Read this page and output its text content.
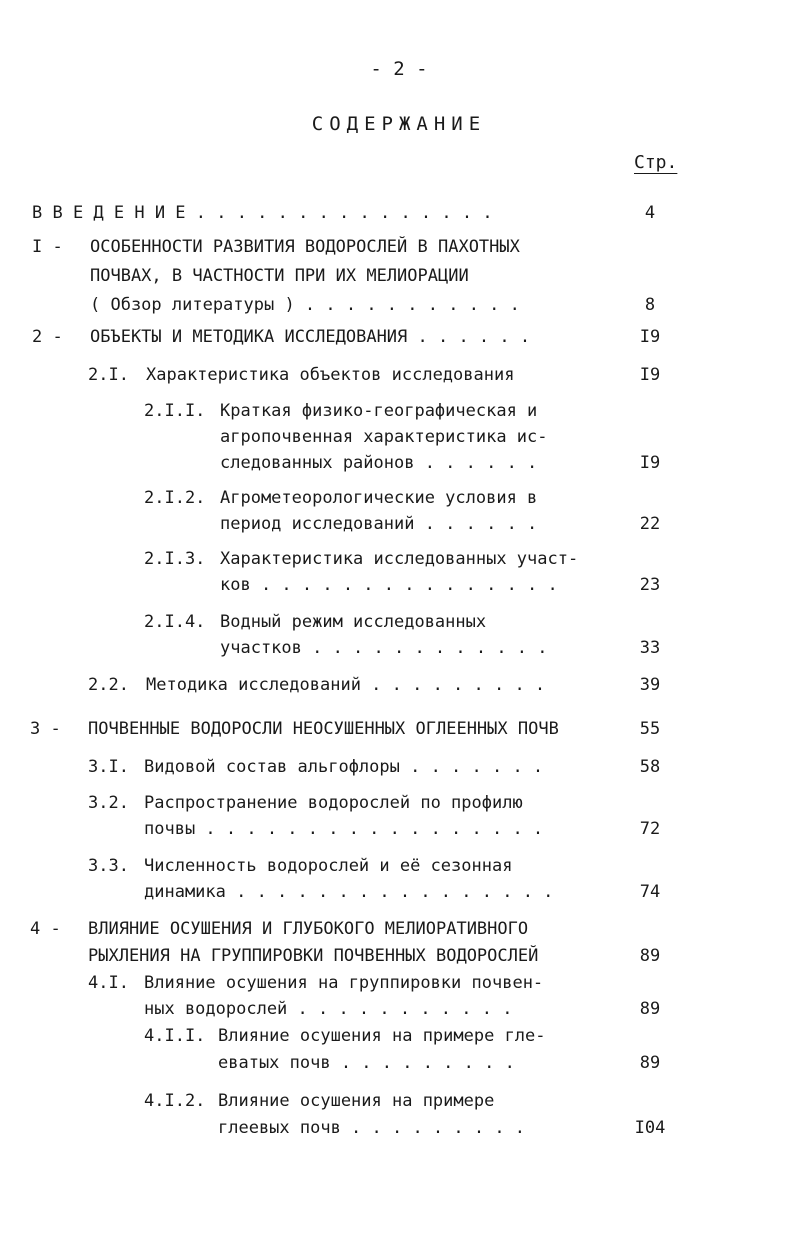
- 2 -
СОДЕРЖАНИЕ
Стр.
В В Е Д Е Н И Е . . . . . . . . . . . . . . .	4
I - ОСОБЕННОСТИ РАЗВИТИЯ ВОДОРОСЛЕЙ В ПАХОТНЫХ
ПОЧВАХ, В ЧАСТНОСТИ ПРИ ИХ МЕЛИОРАЦИИ
( Обзор литературы ) . . . . . . . . . . .	8
2 - ОБЪЕКТЫ И МЕТОДИКА ИССЛЕДОВАНИЯ . . . . . .	I9
2.I. Характеристика объектов исследования	I9
2.I.I. Краткая физико-географическая и
агропочвенная характеристика ис-
следованных районов . . . . . .	I9
2.I.2. Агрометеорологические условия в
период исследований . . . . . .	22
2.I.3. Характеристика исследованных участ-
ков . . . . . . . . . . . . . . .	23
2.I.4. Водный режим исследованных
участков . . . . . . . . . . . .	33
2.2. Методика исследований . . . . . . . . .	39
3 - ПОЧВЕННЫЕ ВОДОРОСЛИ НЕОСУШЕННЫХ ОГЛЕЕННЫХ ПОЧВ	55
3.I. Видовой состав альгофлоры . . . . . . .	58
3.2. Распространение водорослей по профилю
почвы . . . . . . . . . . . . . . . . .	72
3.3. Численность водорослей и её сезонная
динамика . . . . . . . . . . . . . . . .	74
4 - ВЛИЯНИЕ ОСУШЕНИЯ И ГЛУБОКОГО МЕЛИОРАТИВНОГО
РЫХЛЕНИЯ НА ГРУППИРОВКИ ПОЧВЕННЫХ ВОДОРОСЛЕЙ	89
4.I. Влияние осушения на группировки почвен-
ных водорослей . . . . . . . . . . .	89
4.I.I. Влияние осушения на примере гле-
еватых почв . . . . . . . . .	89
4.I.2. Влияние осушения на примере
глеевых почв . . . . . . . . .	I04
